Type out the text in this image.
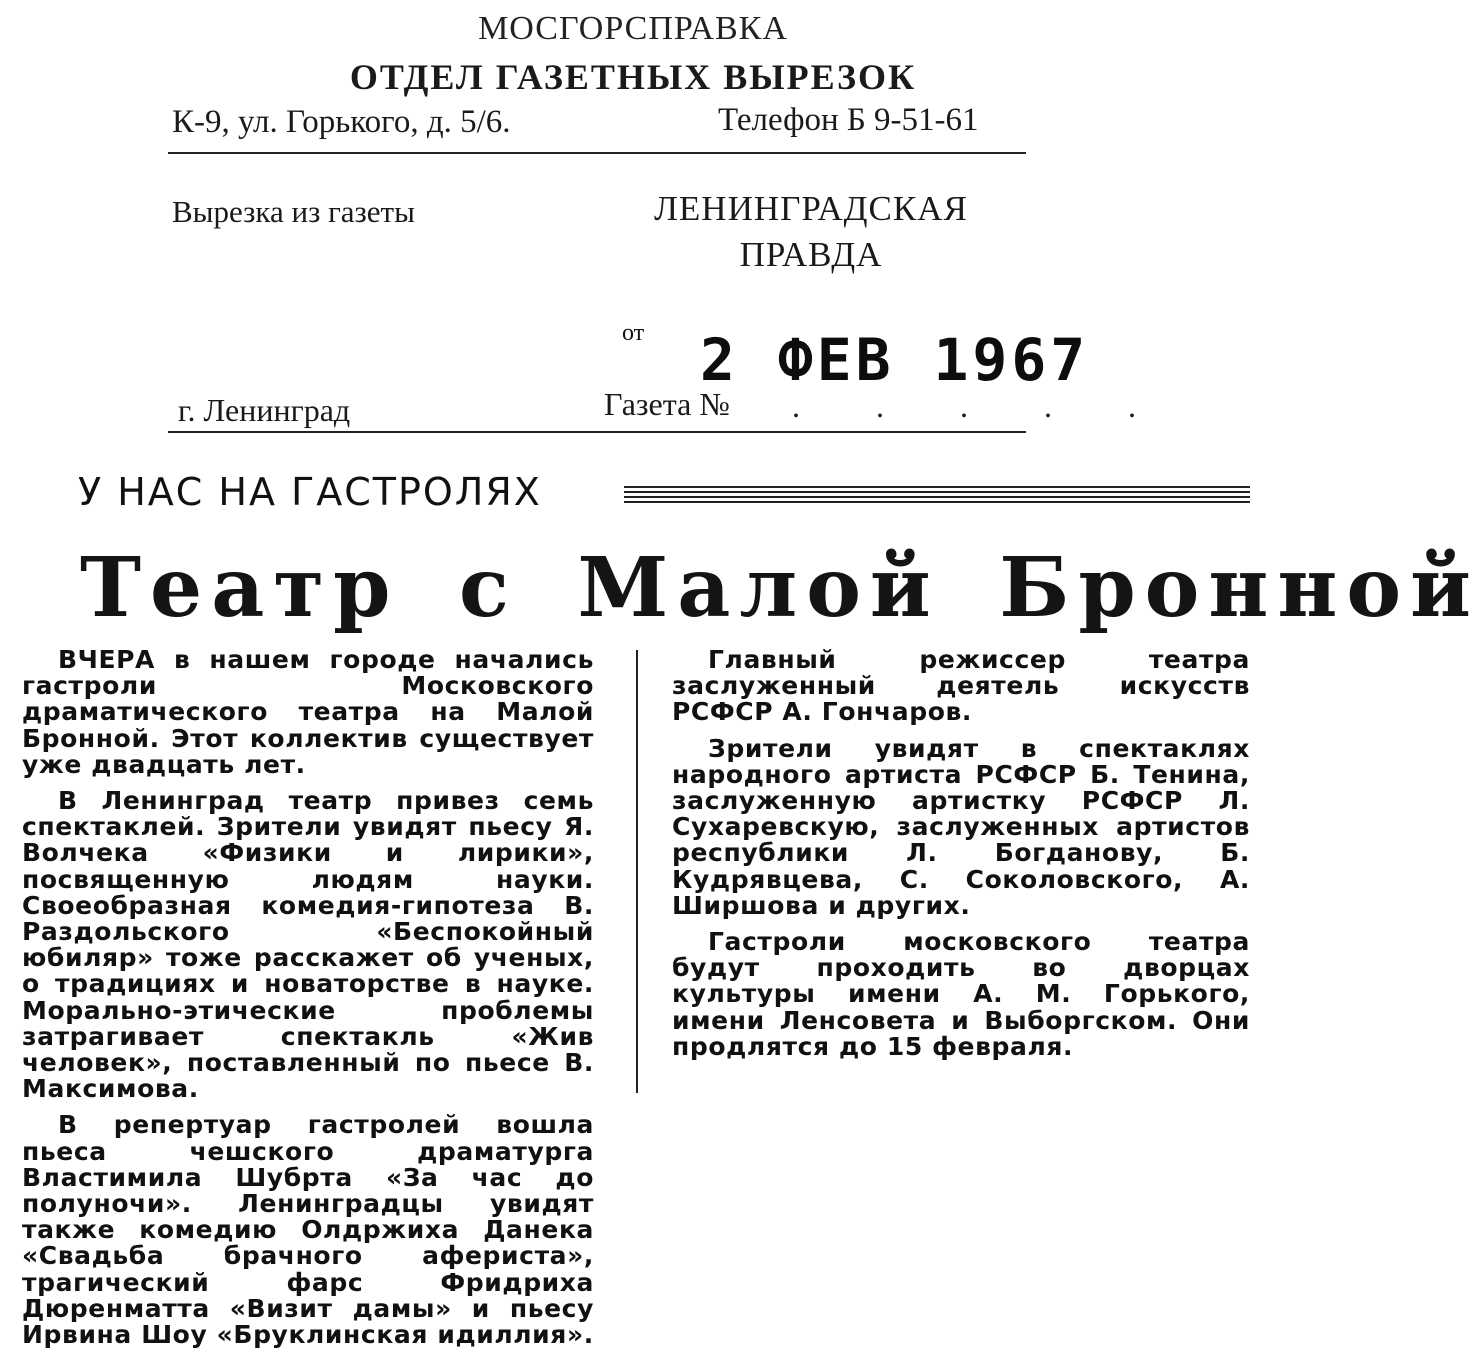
МОСГОРСПРАВКА
ОТДЕЛ ГАЗЕТНЫХ ВЫРЕЗОК
К-9, ул. Горького, д. 5/6.	Телефон Б 9-51-61
Вырезка из газеты	ЛЕНИНГРАДСКАЯ ПРАВДА
от 2 ФЕВ 1967
г. Ленинград	Газета № . . . . .
У НАС НА ГАСТРОЛЯХ
Театр с Малой Бронной

ВЧЕРА в нашем городе начались гастроли Московского драматического театра на Малой Бронной. Этот коллектив существует уже двадцать лет.

В Ленинград театр привез семь спектаклей. Зрители увидят пьесу Я. Волчека «Физики и лирики», посвященную людям науки. Своеобразная комедия-гипотеза В. Раздольского «Беспокойный юбиляр» тоже расскажет об ученых, о традициях и новаторстве в науке. Морально-этические проблемы затрагивает спектакль «Жив человек», поставленный по пьесе В. Максимова.

В репертуар гастролей вошла пьеса чешского драматурга Властимила Шубрта «За час до полуночи». Ленинградцы увидят также комедию Олдржиха Данека «Свадьба брачного афериста», трагический фарс Фридриха Дюренматта «Визит дамы» и пьесу Ирвина Шоу «Бруклинская идиллия».

Главный режиссер театра заслуженный деятель искусств РСФСР А. Гончаров.

Зрители увидят в спектаклях народного артиста РСФСР Б. Тенина, заслуженную артистку РСФСР Л. Сухаревскую, заслуженных артистов республики Л. Богданову, Б. Кудрявцева, С. Соколовского, А. Ширшова и других.

Гастроли московского театра будут проходить во дворцах культуры имени А. М. Горького, имени Ленсовета и Выборгском. Они продлятся до 15 февраля.
